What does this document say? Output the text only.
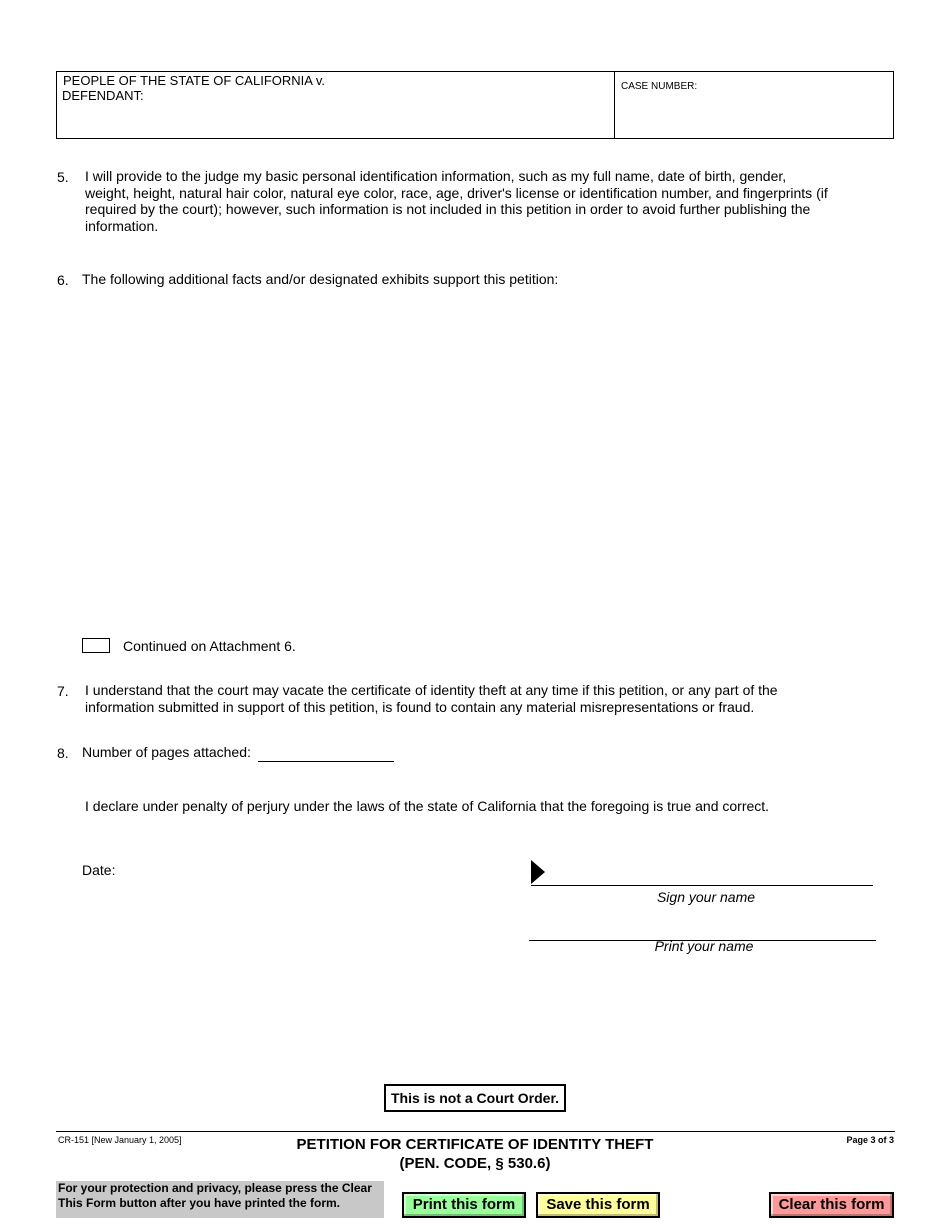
PEOPLE OF THE STATE OF CALIFORNIA v.
DEFENDANT:
CASE NUMBER:
5. I will provide to the judge my basic personal identification information, such as my full name, date of birth, gender,
weight, height, natural hair color, natural eye color, race, age, driver's license or identification number, and fingerprints (if
required by the court); however, such information is not included in this petition in order to avoid further publishing the
information.
6. The following additional facts and/or designated exhibits support this petition:
Continued on Attachment 6.
7. I understand that the court may vacate the certificate of identity theft at any time if this petition, or any part of the
information submitted in support of this petition, is found to contain any material misrepresentations or fraud.
8. Number of pages attached:
I declare under penalty of perjury under the laws of the state of California that the foregoing is true and correct.
Date:
Sign your name
Print your name
This is not a Court Order.
CR-151 [New January 1, 2005]	PETITION FOR CERTIFICATE OF IDENTITY THEFT
(PEN. CODE, § 530.6)
Page 3 of 3
For your protection and privacy, please press the Clear
This Form button after you have printed the form.	Print this form	Save this form	Clear this form
